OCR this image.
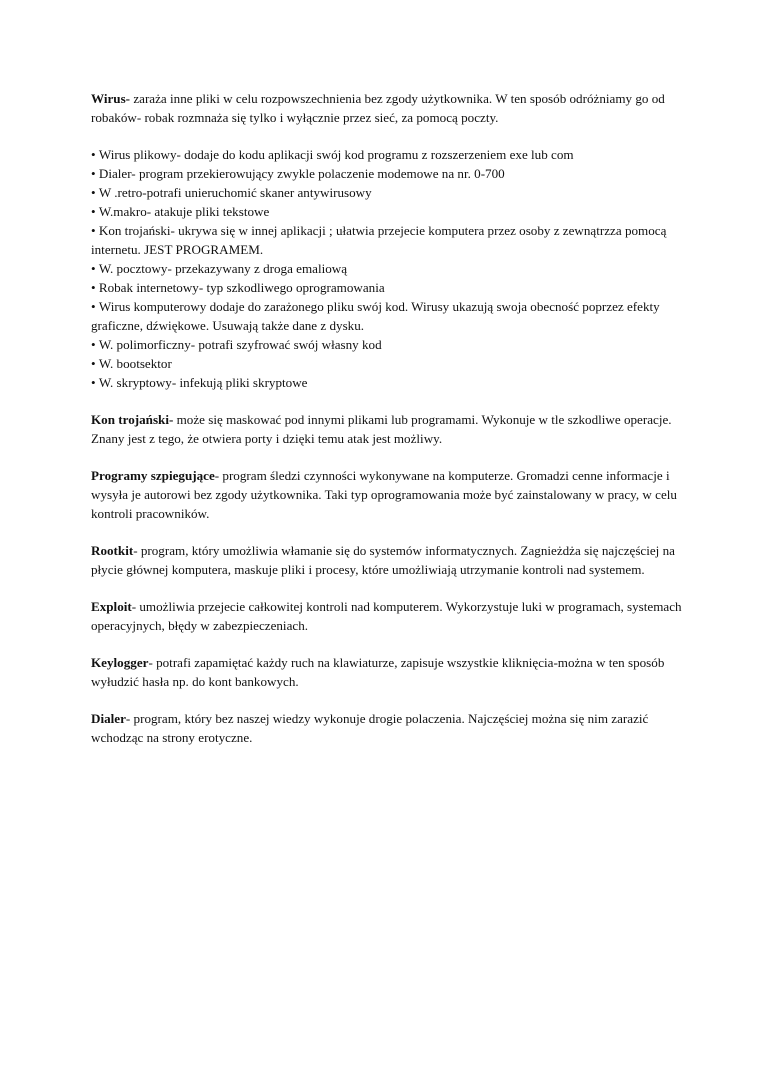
Wirus- zaraża inne pliki w celu rozpowszechnienia bez zgody użytkownika. W ten sposób odróżniamy go od robaków- robak rozmnaża się tylko i wyłącznie przez sieć, za pomocą poczty.

• Wirus plikowy- dodaje do kodu aplikacji swój kod programu z rozszerzeniem exe lub com
• Dialer- program przekierowujący zwykle polaczenie modemowe na nr. 0-700
• W .retro-potrafi unieruchomić skaner antywirusowy
• W.makro- atakuje pliki tekstowe
• Kon trojański- ukrywa się w innej aplikacji ; ułatwia przejecie komputera przez osoby z zewnątrzza pomocą internetu. JEST PROGRAMEM.
• W. pocztowy- przekazywany z droga emaliową
• Robak internetowy- typ szkodliwego oprogramowania
• Wirus komputerowy dodaje do zarażonego pliku swój kod. Wirusy ukazują swoja obecność poprzez efekty graficzne, dźwiękowe. Usuwają także dane z dysku.
• W. polimorficzny- potrafi szyfrować swój własny kod
• W. bootsektor
• W. skryptowy- infekują pliki skryptowe

Kon trojański- może się maskować pod innymi plikami lub programami. Wykonuje w tle szkodliwe operacje. Znany jest z tego, że otwiera porty i dzięki temu atak jest możliwy.

Programy szpiegujące- program śledzi czynności wykonywane na komputerze. Gromadzi cenne informacje i wysyła je autorowi bez zgody użytkownika. Taki typ oprogramowania może być zainstalowany w pracy, w celu kontroli pracowników.

Rootkit- program, który umożliwia włamanie się do systemów informatycznych. Zagnieżdża się najczęściej na płycie głównej komputera, maskuje pliki i procesy, które umożliwiają utrzymanie kontroli nad systemem.

Exploit- umożliwia przejecie całkowitej kontroli nad komputerem. Wykorzystuje luki w programach, systemach operacyjnych, błędy w zabezpieczeniach.

Keylogger- potrafi zapamiętać każdy ruch na klawiaturze, zapisuje wszystkie kliknięcia-można w ten sposób wyłudzić hasła np. do kont bankowych.

Dialer- program, który bez naszej wiedzy wykonuje drogie polaczenia. Najczęściej można się nim zarazić wchodząc na strony erotyczne.
